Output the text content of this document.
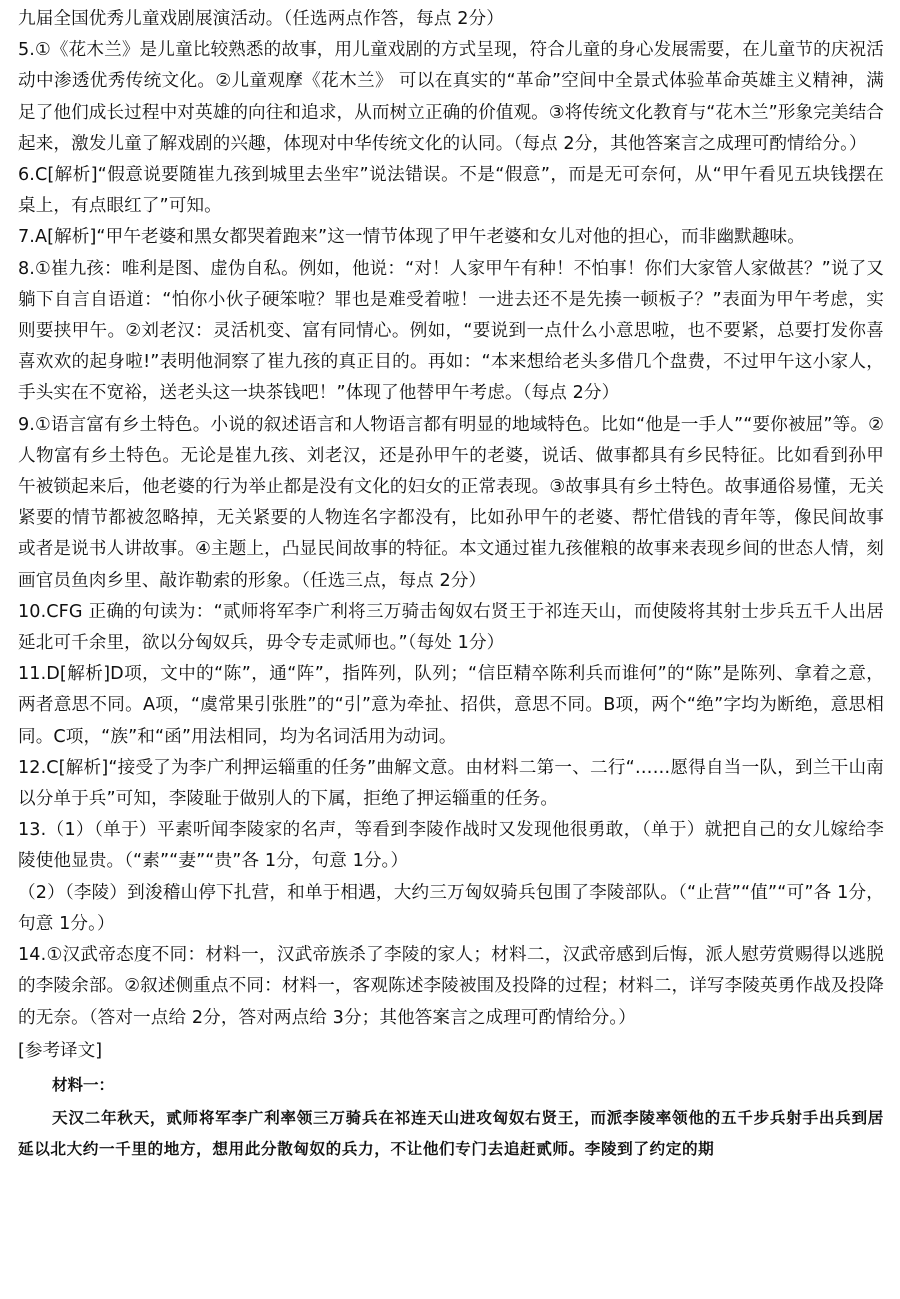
九届全国优秀儿童戏剧展演活动。（任选两点作答，每点 2分）

5.①《花木兰》是儿童比较熟悉的故事，用儿童戏剧的方式呈现，符合儿童的身心发展需要，在儿童节的庆祝活动中渗透优秀传统文化。②儿童观摩《花木兰》 可以在真实的“革命”空间中全景式体验革命英雄主义精神，满足了他们成长过程中对英雄的向往和追求，从而树立正确的价值观。③将传统文化教育与“花木兰”形象完美结合起来，激发儿童了解戏剧的兴趣，体现对中华传统文化的认同。（每点 2分，其他答案言之成理可酌情给分。）

6.C[解析]“假意说要随崔九孩到城里去坐牢”说法错误。不是“假意”，而是无可奈何，从“甲午看见五块钱摆在桌上，有点眼红了”可知。

7.A[解析]“甲午老婆和黑女都哭着跑来”这一情节体现了甲午老婆和女儿对他的担心，而非幽默趣味。

8.①崔九孩：唯利是图、虚伪自私。例如，他说：“对！人家甲午有种！不怕事！你们大家管人家做甚？”说了又躺下自言自语道：“怕你小伙子硬笨啦？罪也是难受着啦！一进去还不是先揍一顿板子？”表面为甲午考虑，实则要挟甲午。②刘老汉：灵活机变、富有同情心。例如，“要说到一点什么小意思啦，也不要紧，总要打发你喜喜欢欢的起身啦!”表明他洞察了崔九孩的真正目的。再如：“本来想给老头多借几个盘费，不过甲午这小家人，手头实在不宽裕，送老头这一块茶钱吧！”体现了他替甲午考虑。（每点 2分）

9.①语言富有乡土特色。小说的叙述语言和人物语言都有明显的地域特色。比如“他是一手人”“要你被屈”等。②人物富有乡土特色。无论是崔九孩、刘老汉，还是孙甲午的老婆，说话、做事都具有乡民特征。比如看到孙甲午被锁起来后，他老婆的行为举止都是没有文化的妇女的正常表现。③故事具有乡土特色。故事通俗易懂，无关紧要的情节都被忽略掉，无关紧要的人物连名字都没有，比如孙甲午的老婆、帮忙借钱的青年等，像民间故事或者是说书人讲故事。④主题上，凸显民间故事的特征。本文通过崔九孩催粮的故事来表现乡间的世态人情，刻画官员鱼肉乡里、敲诈勒索的形象。（任选三点，每点 2分）

10.CFG 正确的句读为：“贰师将军李广利将三万骑击匈奴右贤王于祁连天山，而使陵将其射士步兵五千人出居延北可千余里，欲以分匈奴兵，毋令专走贰师也。”（每处 1分）

11.D[解析]D项，文中的“陈”，通“阵”，指阵列，队列；“信臣精卒陈利兵而谁何”的“陈”是陈列、拿着之意，两者意思不同。A项，“虞常果引张胜”的“引”意为牵扯、招供，意思不同。B项，两个“绝”字均为断绝，意思相同。C项，“族”和“函”用法相同，均为名词活用为动词。

12.C[解析]“接受了为李广利押运辎重的任务”曲解文意。由材料二第一、二行“……愿得自当一队，到兰干山南以分单于兵”可知，李陵耻于做别人的下属，拒绝了押运辎重的任务。

13.（1）（单于）平素听闻李陵家的名声，等看到李陵作战时又发现他很勇敢，（单于）就把自己的女儿嫁给李陵使他显贵。（“素”“妻”“贵”各 1分，句意 1分。）

（2）（李陵）到浚稽山停下扎营，和单于相遇，大约三万匈奴骑兵包围了李陵部队。（“止营”“值”“可”各 1分，句意 1分。）

14.①汉武帝态度不同：材料一，汉武帝族杀了李陵的家人；材料二，汉武帝感到后悔，派人慰劳赏赐得以逃脱的李陵余部。②叙述侧重点不同：材料一，客观陈述李陵被围及投降的过程；材料二，详写李陵英勇作战及投降的无奈。（答对一点给 2分，答对两点给 3分；其他答案言之成理可酌情给分。）

[参考译文]

材料一：

天汉二年秋天，贰师将军李广利率领三万骑兵在祁连天山进攻匈奴右贤王，而派李陵率领他的五千步兵射手出兵到居延以北大约一千里的地方，想用此分散匈奴的兵力，不让他们专门去追赶贰师。李陵到了约定的期
